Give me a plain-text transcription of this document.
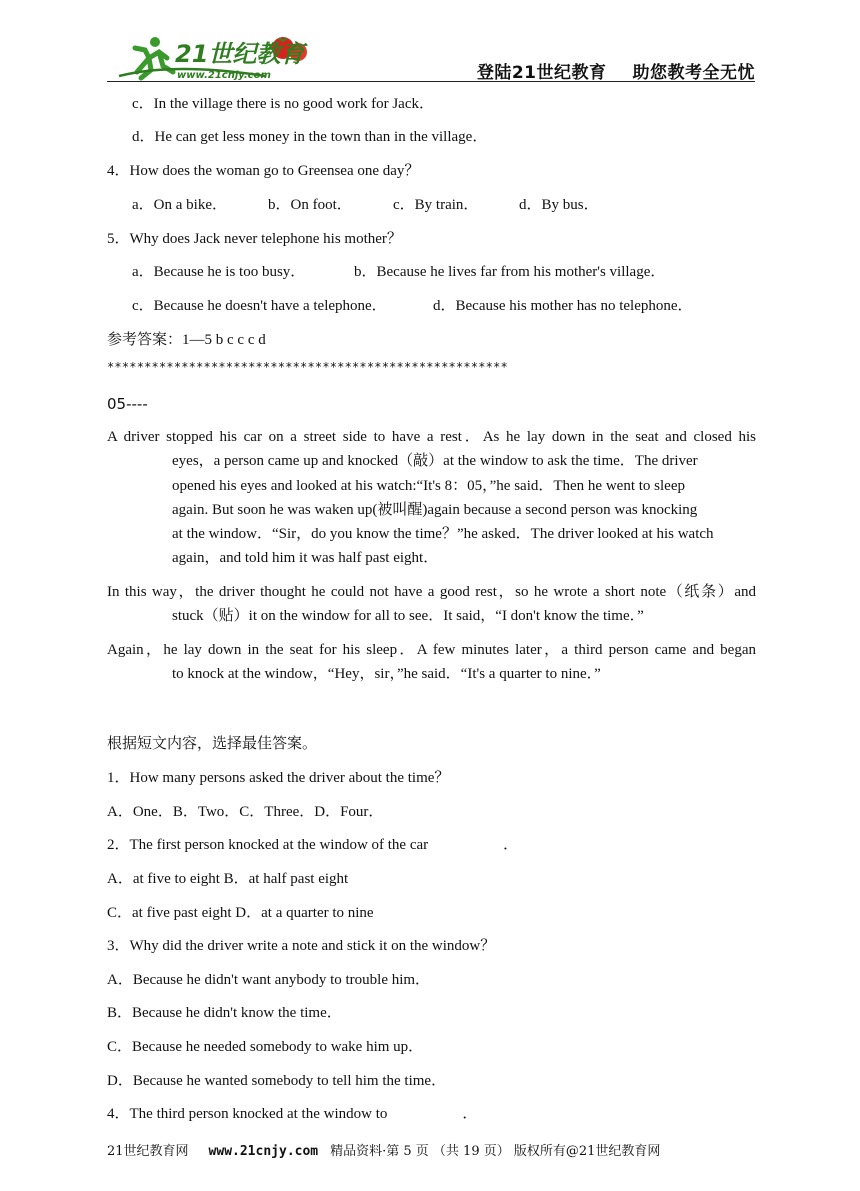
21世纪教育
www.21cnjy.com	登陆21世纪教育 助您教考全无忧
c．In the village there is no good work for Jack．
d．He can get less money in the town than in the village．
4．How does the woman go to Greensea one day？
a．On a bike．	b．On foot．	c．By train．	d．By bus．
5．Why does Jack never telephone his mother？
a．Because he is too busy．	b．Because he lives far from his mother's village．
c．Because he doesn't have a telephone．	d．Because his mother has no telephone．
参考答案：1—5 b c c c d
******************************************************
05----
A driver stopped his car on a street side to have a rest．As he lay down in the seat and closed his
eyes，a person came up and knocked（敲）at the window to ask the time．The driver
opened his eyes and looked at his watch:“It's 8：05，”he said．Then he went to sleep
again. But soon he was waken up(被叫醒)again because a second person was knocking
at the window．“Sir，do you know the time？”he asked．The driver looked at his watch
again，and told him it was half past eight．
In this way，the driver thought he could not have a good rest，so he wrote a short note（纸条）and
stuck（贴）it on the window for all to see．It said，“I don't know the time．”
Again，he lay down in the seat for his sleep．A few minutes later，a third person came and began
to knock at the window，“Hey，sir，”he said．“It's a quarter to nine．”
根据短文内容，选择最佳答案。
1．How many persons asked the driver about the time？
A．One．B．Two．C．Three．D．Four．
2．The first person knocked at the window of the car	．
A．at five to eight B．at half past eight
C．at five past eight D．at a quarter to nine
3．Why did the driver write a note and stick it on the window？
A．Because he didn't want anybody to trouble him．
B．Because he didn't know the time．
C．Because he needed somebody to wake him up．
D．Because he wanted somebody to tell him the time．
4．The third person knocked at the window to	．
21世纪教育网 www.21cnjy.com 精品资料·第 5 页 （共 19 页） 版权所有@21世纪教育网
